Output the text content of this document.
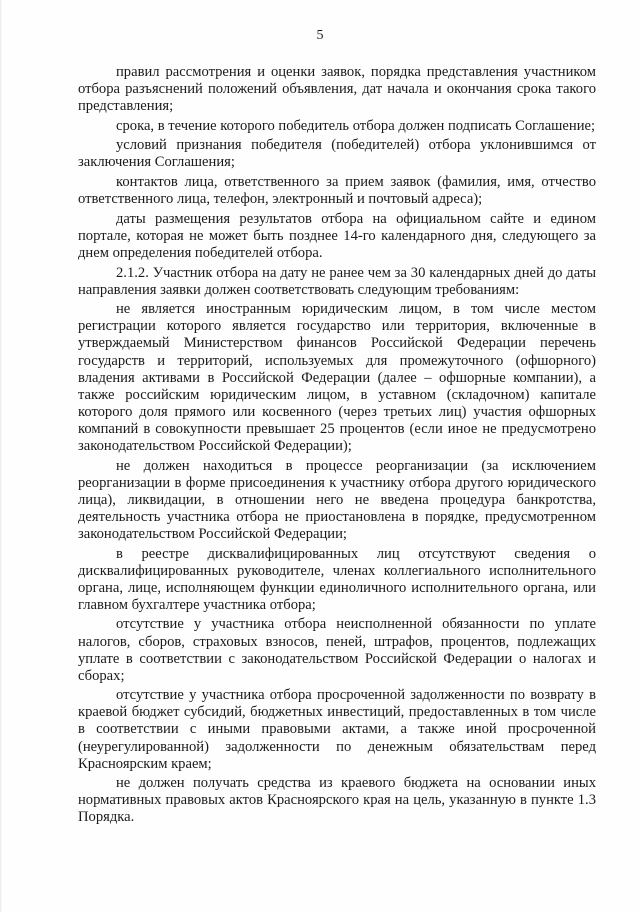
5

правил рассмотрения и оценки заявок, порядка представления участником отбора разъяснений положений объявления, дат начала и окончания срока такого представления;

срока, в течение которого победитель отбора должен подписать Соглашение;

условий признания победителя (победителей) отбора уклонившимся от заключения Соглашения;

контактов лица, ответственного за прием заявок (фамилия, имя, отчество ответственного лица, телефон, электронный и почтовый адреса);

даты размещения результатов отбора на официальном сайте и едином портале, которая не может быть позднее 14-го календарного дня, следующего за днем определения победителей отбора.

2.1.2. Участник отбора на дату не ранее чем за 30 календарных дней до даты направления заявки должен соответствовать следующим требованиям:

не является иностранным юридическим лицом, в том числе местом регистрации которого является государство или территория, включенные в утверждаемый Министерством финансов Российской Федерации перечень государств и территорий, используемых для промежуточного (офшорного) владения активами в Российской Федерации (далее – офшорные компании), а также российским юридическим лицом, в уставном (складочном) капитале которого доля прямого или косвенного (через третьих лиц) участия офшорных компаний в совокупности превышает 25 процентов (если иное не предусмотрено законодательством Российской Федерации);

не должен находиться в процессе реорганизации (за исключением реорганизации в форме присоединения к участнику отбора другого юридического лица), ликвидации, в отношении него не введена процедура банкротства, деятельность участника отбора не приостановлена в порядке, предусмотренном законодательством Российской Федерации;

в реестре дисквалифицированных лиц отсутствуют сведения о дисквалифицированных руководителе, членах коллегиального исполнительного органа, лице, исполняющем функции единоличного исполнительного органа, или главном бухгалтере участника отбора;

отсутствие у участника отбора неисполненной обязанности по уплате налогов, сборов, страховых взносов, пеней, штрафов, процентов, подлежащих уплате в соответствии с законодательством Российской Федерации о налогах и сборах;

отсутствие у участника отбора просроченной задолженности по возврату в краевой бюджет субсидий, бюджетных инвестиций, предоставленных в том числе в соответствии с иными правовыми актами, а также иной просроченной (неурегулированной) задолженности по денежным обязательствам перед Красноярским краем;

не должен получать средства из краевого бюджета на основании иных нормативных правовых актов Красноярского края на цель, указанную в пункте 1.3 Порядка.
